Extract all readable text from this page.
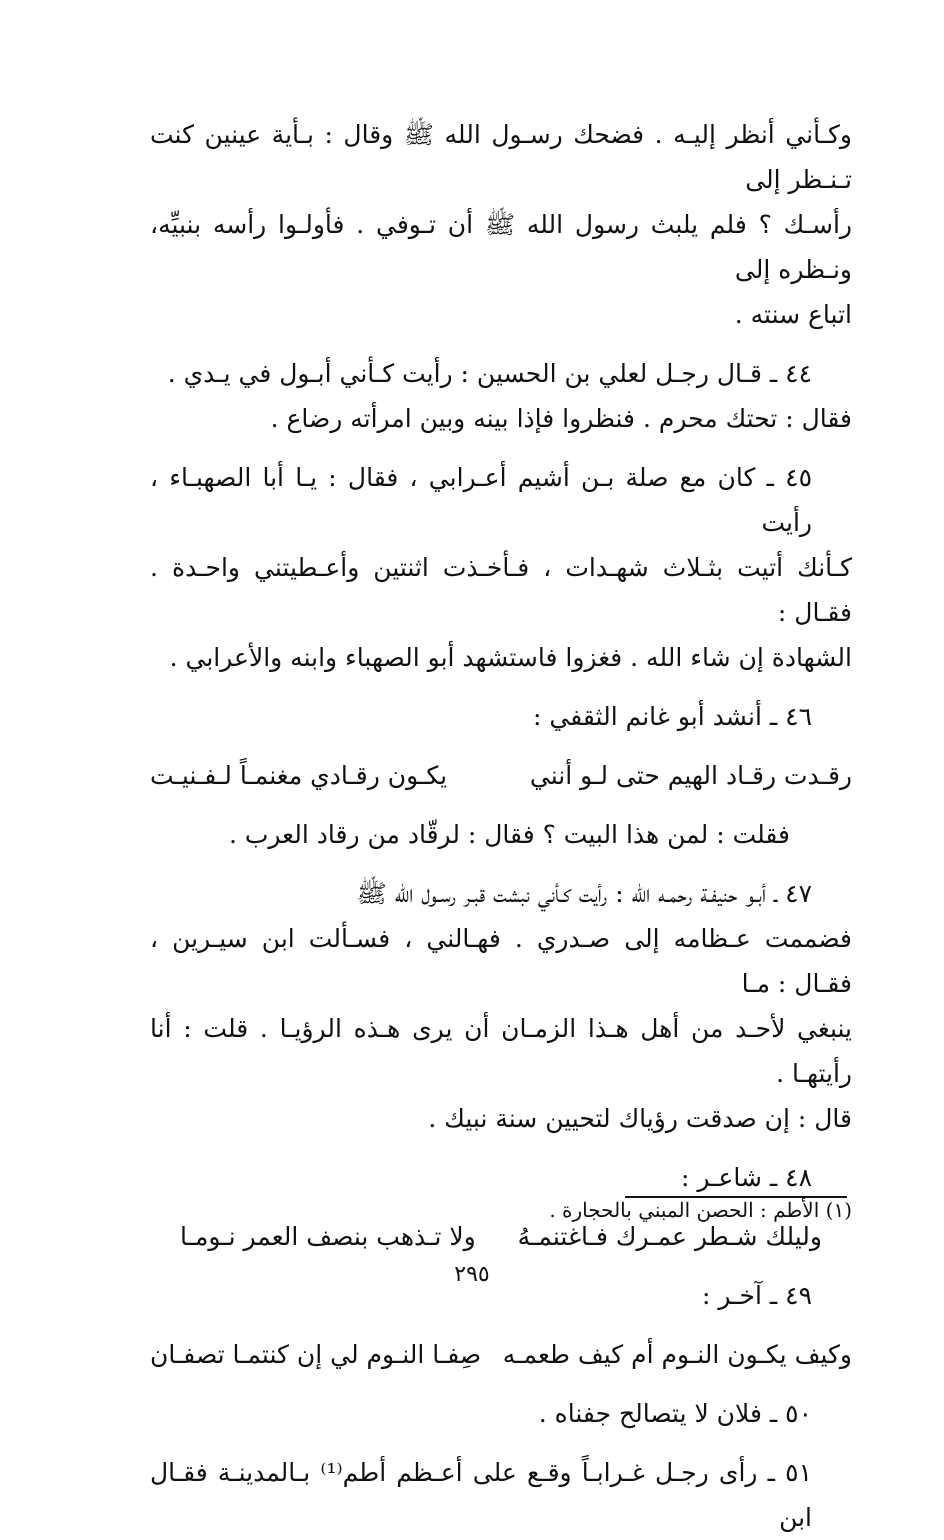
وكـأني أنظر إليـه . فضحك رسـول الله ﷺ وقال : بـأية عينين كنت تـنـظر إلى

رأسـك ؟ فلم يلبث رسول الله ﷺ أن تـوفي . فأولـوا رأسه بنبيِّه، ونـظره إلى

اتباع سنته .

٤٤ ـ قـال رجـل لعلي بن الحسين : رأيت كـأني أبـول في يـدي .

فقال : تحتك محرم . فنظروا فإذا بينه وبين امرأته رضاع .

٤٥ ـ كان مع صلة بـن أشيم أعـرابي ، فقال : يـا أبا الصهبـاء ، رأيت

كـأنك أتيت بثـلاث شهـدات ، فـأخـذت اثنتين وأعـطيتني واحـدة . فقـال :

الشهادة إن شاء الله . فغزوا فاستشهد أبو الصهباء وابنه والأعرابي .

٤٦ ـ أنشد أبو غانم الثقفي :

رقـدت رقـاد الهيم حتى لـو أنني
يكـون رقـادي مغنمـاً لـفـنيـت

فقلت : لمن هذا البيت ؟ فقال : لرقّاد من رقاد العرب .

٤٧ ـ أبـو حنيفـة رحمـه الله : رأيت كـأني نبشت قبـر رسـول الله ﷺ

فضممت عـظامه إلى صـدري . فهـالني ، فسـألت ابن سيـرين ، فقـال : مـا

ينبغي لأحـد من أهل هـذا الزمـان أن يرى هـذه الرؤيـا . قلت : أنا رأيتهـا .

قال : إن صدقت رؤياك لتحيين سنة نبيك .

٤٨ ـ شاعـر :

وليلك شـطر عمـرك فـاغتنمـهُ
ولا تـذهب بنصف العمر نـومـا

٤٩ ـ آخـر :

وكيف يكـون النـوم أم كيف طعمـه
صِفـا النـوم لي إن كنتمـا تصفـان

٥٠ ـ فلان لا يتصالح جفناه .

٥١ ـ رأى رجـل غـرابـاً وقـع على أعـظم أطم⁽¹⁾ بـالمدينـة فقـال ابن

(١) الأطم : الحصن المبني بالحجارة .
٢٩٥
